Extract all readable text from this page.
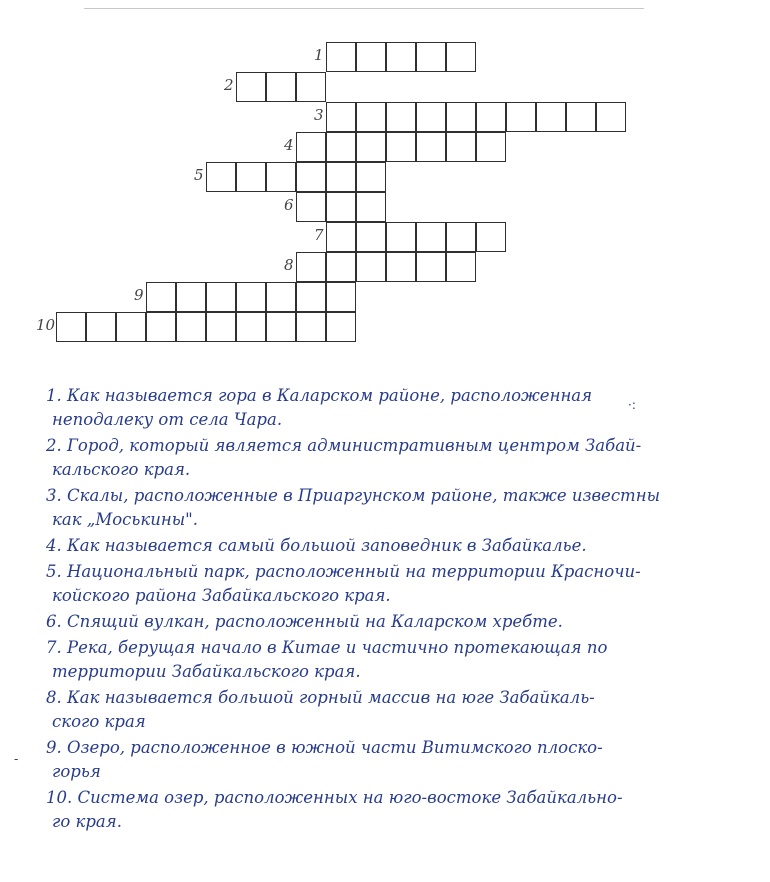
1
2
3
4
5
6
7
8
9
10
1. Как называется гора в Каларском районе, расположенная
неподалеку от села Чара.
2. Город, который является административным центром Забай-
кальского края.
3. Скалы, расположенные в Приаргунском районе, также известны
как „Моськины".
4. Как называется самый большой заповедник в Забайкалье.
5. Национальный парк, расположенный на территории Красночи-
койского района Забайкальского края.
6. Спящий вулкан, расположенный на Каларском хребте.
7. Река, берущая начало в Китае и частично протекающая по
территории Забайкальского края.
8. Как называется большой горный массив на юге Забайкаль-
ского края
9. Озеро, расположенное в южной части Витимского плоско-
горья
10. Система озер, расположенных на юго-востоке Забайкально-
го края.
·:
-
